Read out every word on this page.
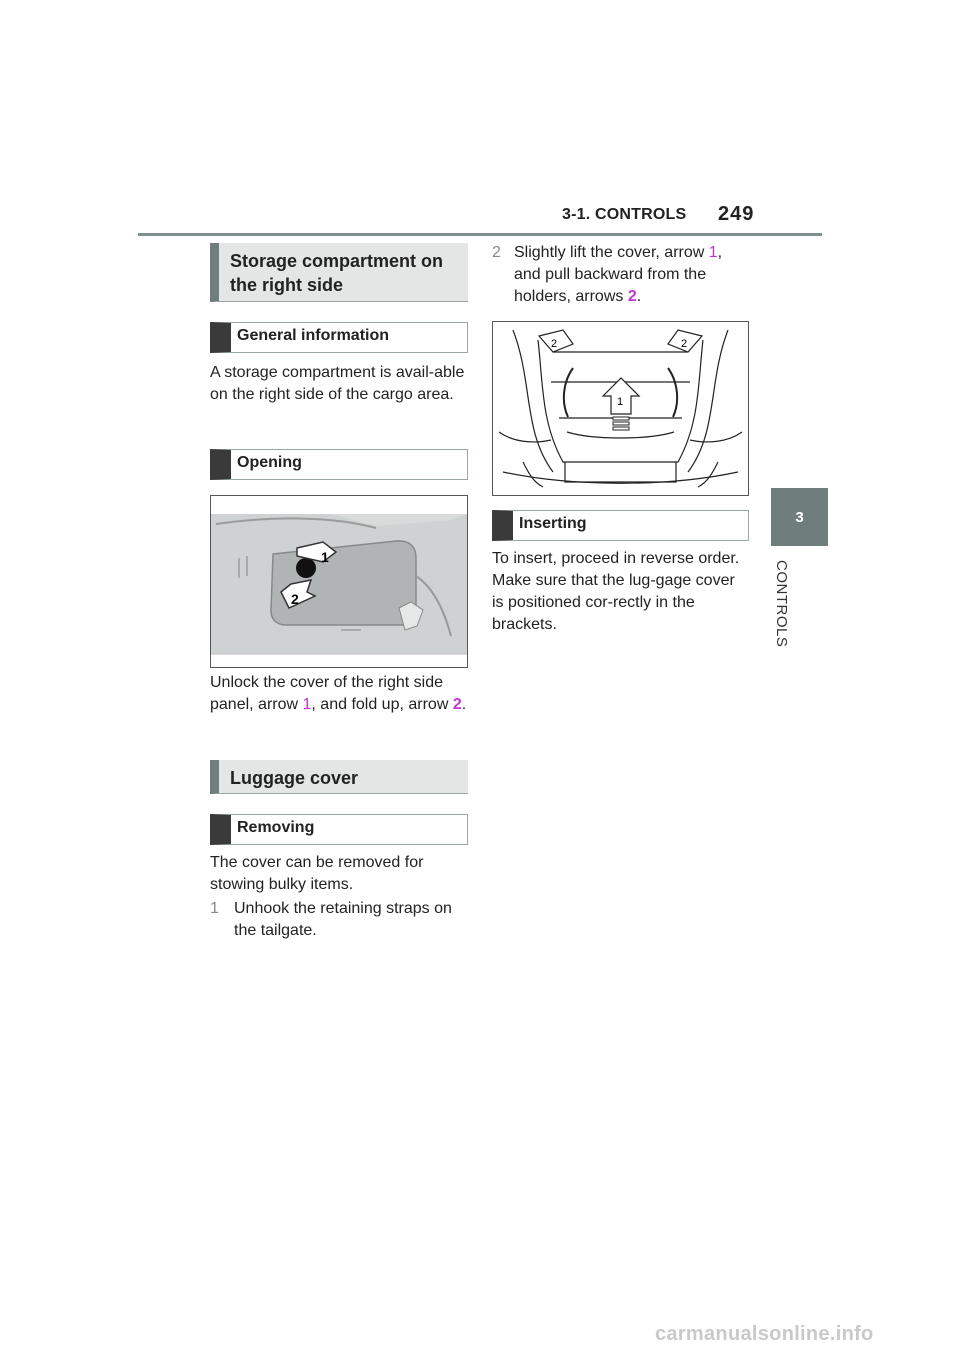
3-1. CONTROLS 249
3
CONTROLS
Storage compartment on the right side
General information
A storage compartment is avail-able on the right side of the cargo area.
Opening
1
2
Unlock the cover of the right side panel, arrow 1, and fold up, arrow 2.
Luggage cover
Removing
The cover can be removed for stowing bulky items.
1 Unhook the retaining straps on the tailgate.
2 Slightly lift the cover, arrow 1, and pull backward from the holders, arrows 2.
1
2	2
Inserting
To insert, proceed in reverse order. Make sure that the lug-gage cover is positioned cor-rectly in the brackets.
carmanualsonline.info
